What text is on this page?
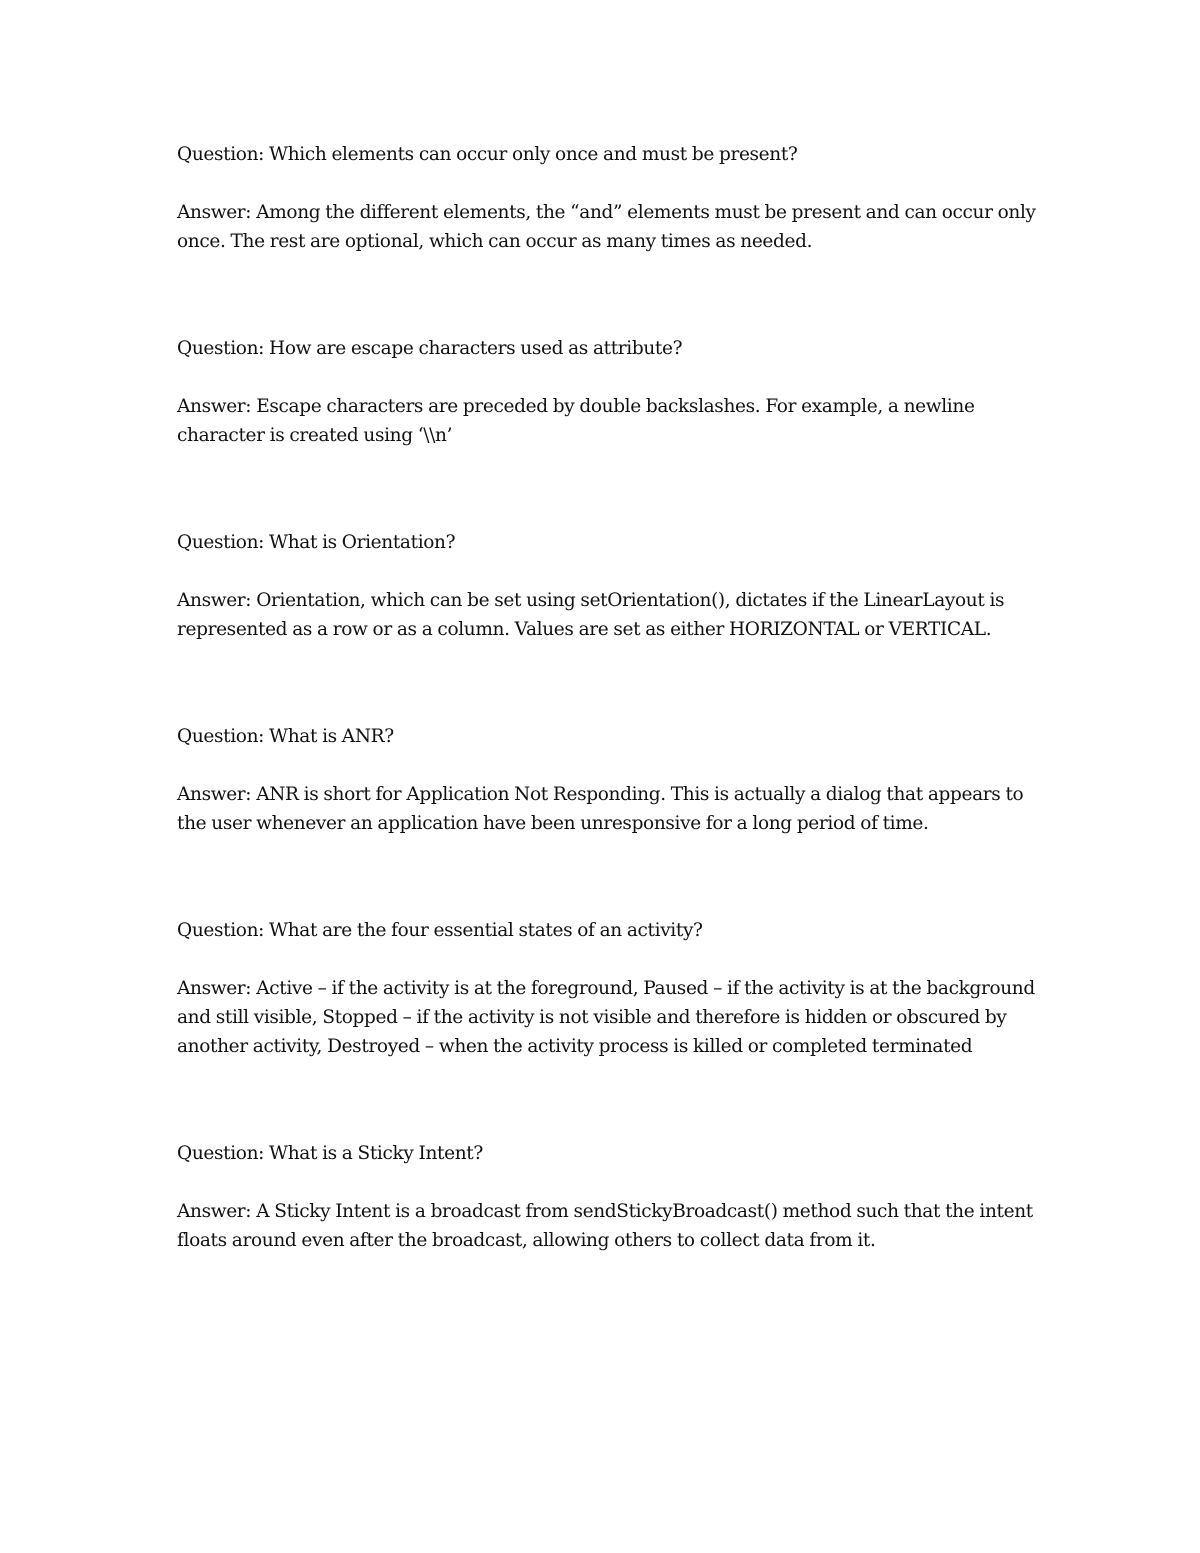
Question: Which elements can occur only once and must be present?

Answer: Among the different elements, the “and” elements must be present and can occur only once. The rest are optional, which can occur as many times as needed.

Question: How are escape characters used as attribute?

Answer: Escape characters are preceded by double backslashes. For example, a newline character is created using ‘\\n’

Question: What is Orientation?

Answer: Orientation, which can be set using setOrientation(), dictates if the LinearLayout is represented as a row or as a column. Values are set as either HORIZONTAL or VERTICAL.

Question: What is ANR?

Answer: ANR is short for Application Not Responding. This is actually a dialog that appears to the user whenever an application have been unresponsive for a long period of time.

Question: What are the four essential states of an activity?

Answer: Active – if the activity is at the foreground, Paused – if the activity is at the background and still visible, Stopped – if the activity is not visible and therefore is hidden or obscured by another activity, Destroyed – when the activity process is killed or completed terminated

Question: What is a Sticky Intent?

Answer: A Sticky Intent is a broadcast from sendStickyBroadcast() method such that the intent floats around even after the broadcast, allowing others to collect data from it.
